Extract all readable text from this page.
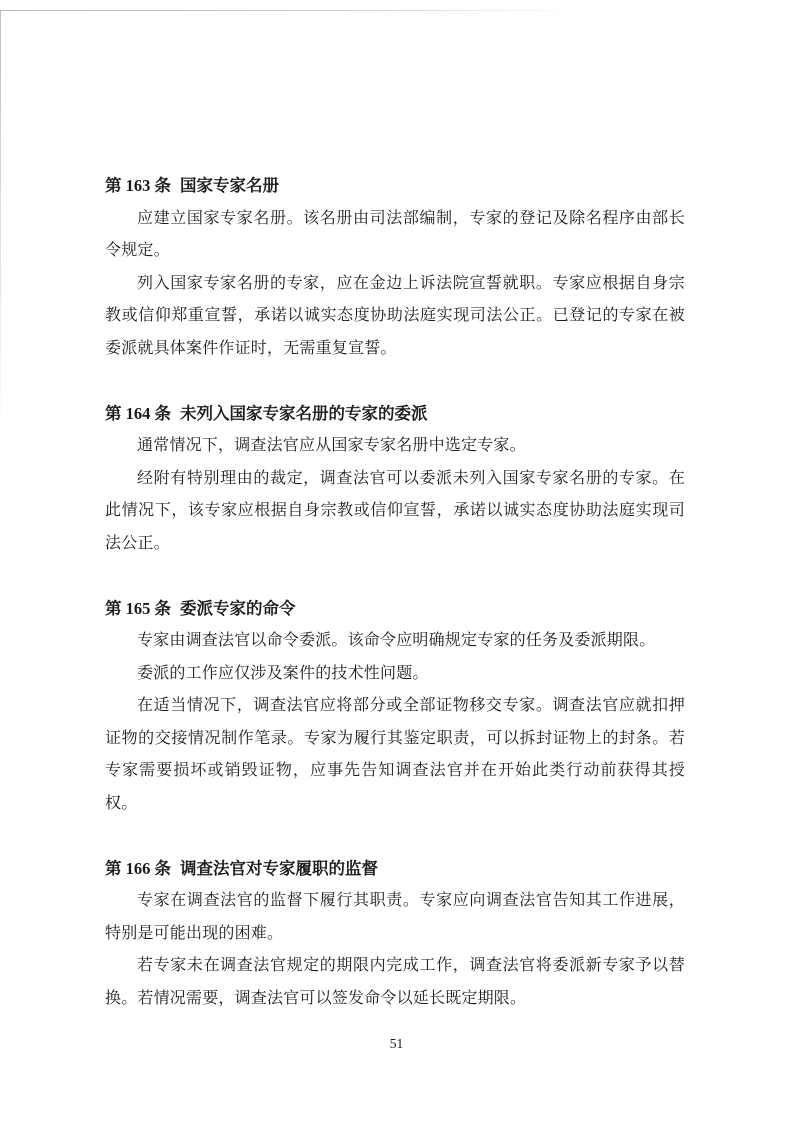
第 163 条 国家专家名册

应建立国家专家名册。该名册由司法部编制，专家的登记及除名程序由部长令规定。

列入国家专家名册的专家，应在金边上诉法院宣誓就职。专家应根据自身宗教或信仰郑重宣誓，承诺以诚实态度协助法庭实现司法公正。已登记的专家在被委派就具体案件作证时，无需重复宣誓。

第 164 条 未列入国家专家名册的专家的委派

通常情况下，调查法官应从国家专家名册中选定专家。

经附有特别理由的裁定，调查法官可以委派未列入国家专家名册的专家。在此情况下，该专家应根据自身宗教或信仰宣誓，承诺以诚实态度协助法庭实现司法公正。

第 165 条 委派专家的命令

专家由调查法官以命令委派。该命令应明确规定专家的任务及委派期限。

委派的工作应仅涉及案件的技术性问题。

在适当情况下，调查法官应将部分或全部证物移交专家。调查法官应就扣押证物的交接情况制作笔录。专家为履行其鉴定职责，可以拆封证物上的封条。若专家需要损坏或销毁证物，应事先告知调查法官并在开始此类行动前获得其授权。

第 166 条 调查法官对专家履职的监督

专家在调查法官的监督下履行其职责。专家应向调查法官告知其工作进展，特别是可能出现的困难。

若专家未在调查法官规定的期限内完成工作，调查法官将委派新专家予以替换。若情况需要，调查法官可以签发命令以延长既定期限。

51
